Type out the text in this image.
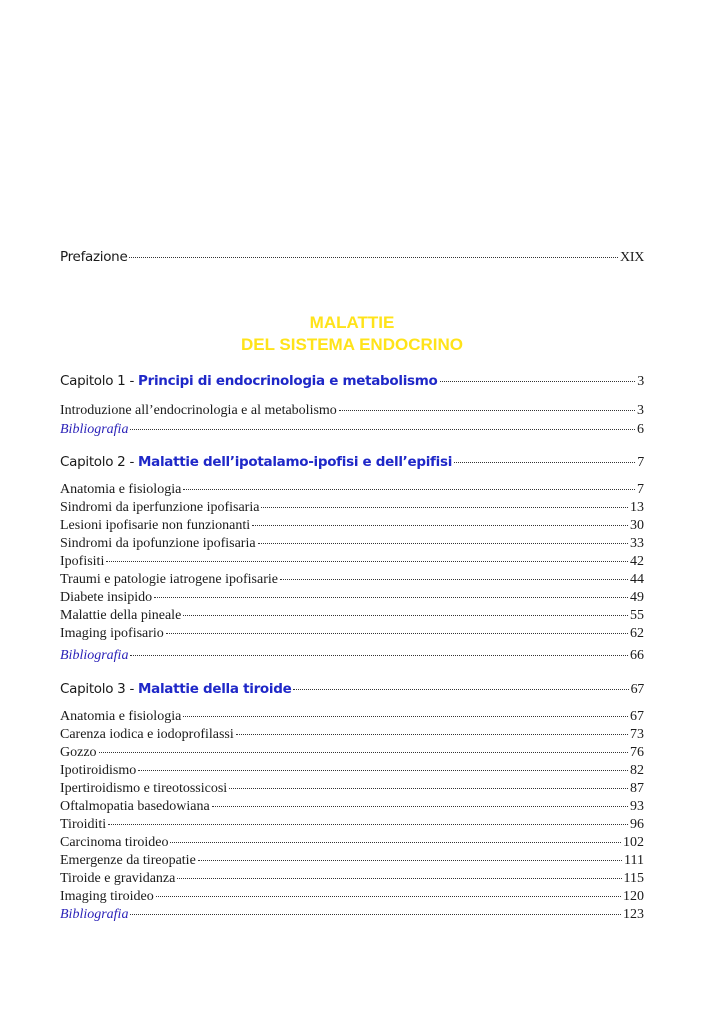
Prefazione	XIX
MALATTIE
DEL SISTEMA ENDOCRINO
Capitolo 1 - Principi di endocrinologia e metabolismo	3
Introduzione all’endocrinologia e al metabolismo	3
Bibliografia	6
Capitolo 2 - Malattie dell’ipotalamo-ipofisi e dell’epifisi	7
Anatomia e fisiologia	7
Sindromi da iperfunzione ipofisaria	13
Lesioni ipofisarie non funzionanti	30
Sindromi da ipofunzione ipofisaria	33
Ipofisiti	42
Traumi e patologie iatrogene ipofisarie	44
Diabete insipido	49
Malattie della pineale	55
Imaging ipofisario	62
Bibliografia	66
Capitolo 3 - Malattie della tiroide	67
Anatomia e fisiologia	67
Carenza iodica e iodoprofilassi	73
Gozzo	76
Ipotiroidismo	82
Ipertiroidismo e tireotossicosi	87
Oftalmopatia basedowiana	93
Tiroiditi	96
Carcinoma tiroideo	102
Emergenze da tireopatie	111
Tiroide e gravidanza	115
Imaging tiroideo	120
Bibliografia	123
